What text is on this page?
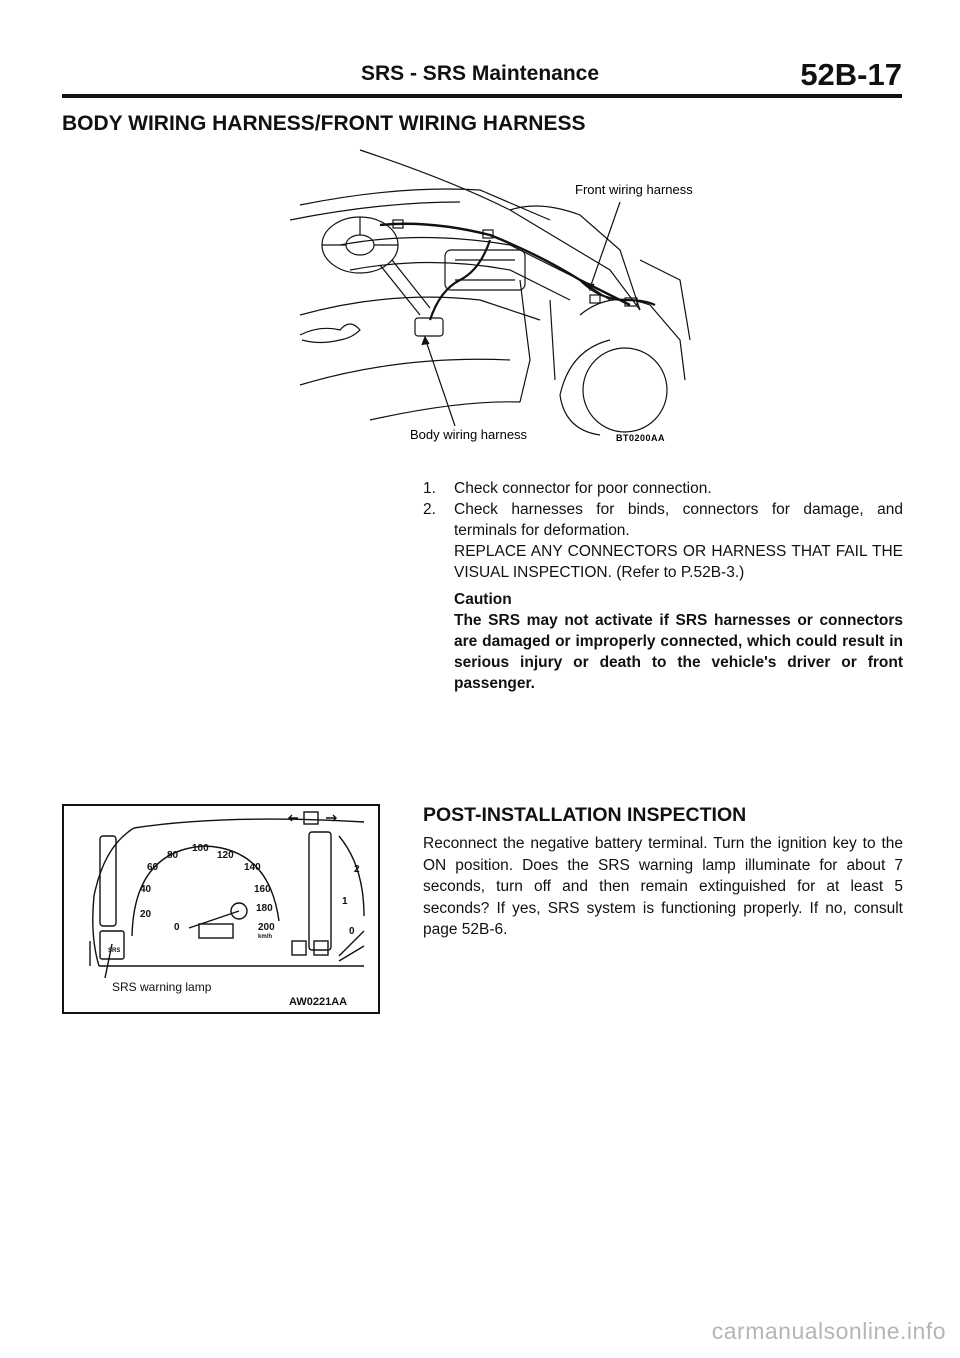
SRS - SRS Maintenance	52B-17
BODY WIRING HARNESS/FRONT WIRING HARNESS
Front wiring harness
Body wiring harness	BT0200AA
1. Check connector for poor connection.
2. Check harnesses for binds, connectors for damage, and terminals for deformation.
REPLACE ANY CONNECTORS OR HARNESS THAT FAIL THE VISUAL INSPECTION. (Refer to P.52B-3.)
Caution
The SRS may not activate if SRS harnesses or connectors are damaged or improperly connected, which could result in serious injury or death to the vehicle's driver or front passenger.
0
20
40
60
80
100
120
140
160
180
200
km/h	0
1
2
SRS
SRS warning lamp
AW0221AA
POST-INSTALLATION INSPECTION
Reconnect the negative battery terminal. Turn the ignition key to the ON position. Does the SRS warning lamp illuminate for about 7 seconds, turn off and then remain extinguished for at least 5 seconds? If yes, SRS system is functioning properly. If no, consult page 52B-6.
carmanualsonline.info
